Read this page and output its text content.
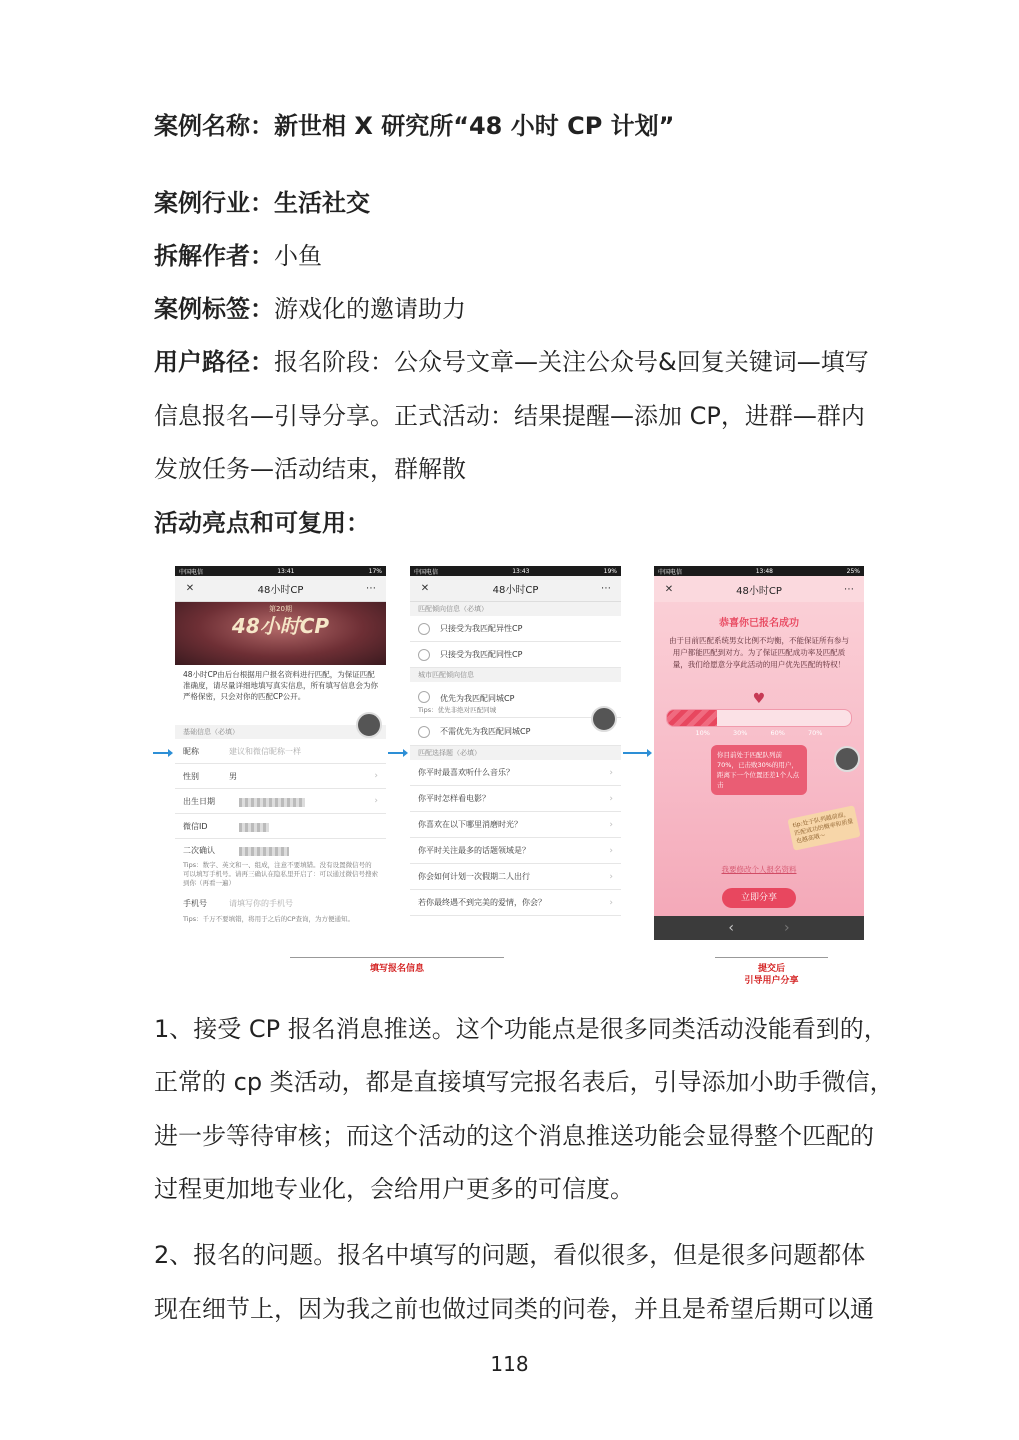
案例名称：新世相 X 研究所“48 小时 CP 计划”
案例行业：生活社交
拆解作者：小鱼
案例标签：游戏化的邀请助力
用户路径：报名阶段：公众号文章—关注公众号&回复关键词—填写
信息报名—引导分享。正式活动：结果提醒—添加 CP，进群—群内
发放任务—活动结束，群解散
活动亮点和可复用：
中国电信	13:41	17%
✕	48小时CP	⋯
第20期
48小时CP
48小时CP由后台根据用户报名资料进行匹配，为保证匹配准确度，请尽量详细地填写真实信息，所有填写信息会为你严格保密，只会对你的匹配CP公开。
基础信息（必填）
昵称	建议和微信昵称一样
性别	男	›
出生日期	›
微信ID
二次确认
Tips：数字、英文和一、组成，注意不要填错。没有设置微信号的可以填写手机号。请再三确认在隐私里开启了：可以通过微信号搜索到你（再看一遍）
手机号	请填写你的手机号
Tips：千万不要填错，将用于之后的CP查询，为方便通知。
中国电信	13:43	19%
✕	48小时CP	⋯
匹配倾向信息（必填）
只接受为我匹配异性CP
只接受为我匹配同性CP
城市匹配倾向信息
优先为我匹配同城CP
Tips：优先非绝对匹配同城
不需优先为我匹配同城CP
匹配选择题（必填）
你平时最喜欢听什么音乐？	›
你平时怎样看电影？	›
你喜欢在以下哪里消磨时光？	›
你平时关注最多的话题领域是？	›
你会如何计划一次假期二人出行	›
若你最终遇不到完美的爱情，你会？	›
中国电信	13:48	25%
✕	48小时CP	⋯
恭喜你已报名成功
由于目前匹配系统男女比例不均衡，不能保证所有参与用户都能匹配到对方。为了保证匹配成功率及匹配质量，我们给愿意分享此活动的用户优先匹配的特权！
♥
10%	30%	60%	70%
你目前处于匹配队列前70%，已击败30%的用户，距离下一个位置还差1个人点击
tip:处于队列越前面，匹配成功的概率和质量也越高哦～
我要修改个人报名资料
立即分享
‹	›
填写报名信息	提交后
引导用户分享
1、接受 CP 报名消息推送。这个功能点是很多同类活动没能看到的，
正常的 cp 类活动，都是直接填写完报名表后，引导添加小助手微信，
进一步等待审核；而这个活动的这个消息推送功能会显得整个匹配的
过程更加地专业化，会给用户更多的可信度。
2、报名的问题。报名中填写的问题，看似很多，但是很多问题都体
现在细节上，因为我之前也做过同类的问卷，并且是希望后期可以通
118
